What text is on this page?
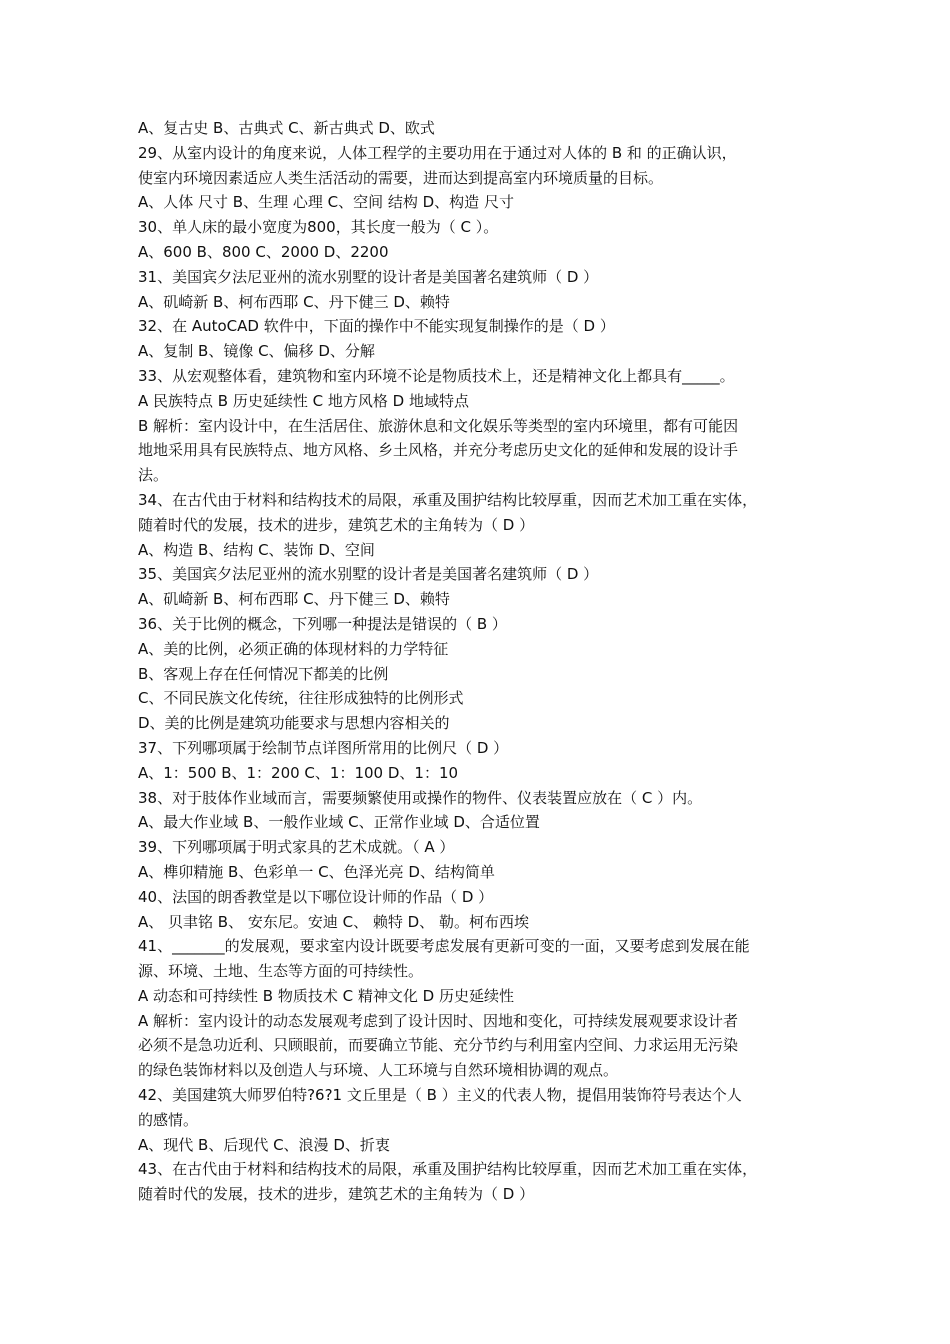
A、复古史 B、古典式 C、新古典式 D、欧式
29、从室内设计的角度来说，人体工程学的主要功用在于通过对人体的 B 和 的正确认识，
使室内环境因素适应人类生活活动的需要，进而达到提高室内环境质量的目标。
A、人体 尺寸 B、生理 心理 C、空间 结构 D、构造 尺寸
30、单人床的最小宽度为800，其长度一般为（ C ）。
A、600 B、800 C、2000 D、2200
31、美国宾夕法尼亚州的流水别墅的设计者是美国著名建筑师（ D ）
A、矶崎新 B、柯布西耶 C、丹下健三 D、赖特
32、在 AutoCAD 软件中，下面的操作中不能实现复制操作的是（ D ）
A、复制 B、镜像 C、偏移 D、分解
33、从宏观整体看，建筑物和室内环境不论是物质技术上，还是精神文化上都具有_____。
A 民族特点 B 历史延续性 C 地方风格 D 地域特点
B 解析：室内设计中，在生活居住、旅游休息和文化娱乐等类型的室内环境里，都有可能因
地地采用具有民族特点、地方风格、乡土风格，并充分考虑历史文化的延伸和发展的设计手
法。
34、在古代由于材料和结构技术的局限，承重及围护结构比较厚重，因而艺术加工重在实体，
随着时代的发展，技术的进步，建筑艺术的主角转为（ D ）
A、构造 B、结构 C、装饰 D、空间
35、美国宾夕法尼亚州的流水别墅的设计者是美国著名建筑师（ D ）
A、矶崎新 B、柯布西耶 C、丹下健三 D、赖特
36、关于比例的概念，下列哪一种提法是错误的（ B ）
A、美的比例，必须正确的体现材料的力学特征
B、客观上存在任何情况下都美的比例
C、不同民族文化传统，往往形成独特的比例形式
D、美的比例是建筑功能要求与思想内容相关的
37、下列哪项属于绘制节点详图所常用的比例尺（ D ）
A、1：500 B、1：200 C、1：100 D、1：10
38、对于肢体作业域而言，需要频繁使用或操作的物件、仪表装置应放在（ C ）内。
A、最大作业域 B、一般作业域 C、正常作业域 D、合适位置
39、下列哪项属于明式家具的艺术成就。（ A ）
A、榫卯精施 B、色彩单一 C、色泽光亮 D、结构简单
40、法国的朗香教堂是以下哪位设计师的作品（ D ）
A、 贝聿铭 B、 安东尼。安迪 C、 赖特 D、 勒。柯布西埃
41、_______的发展观，要求室内设计既要考虑发展有更新可变的一面，又要考虑到发展在能
源、环境、土地、生态等方面的可持续性。
A 动态和可持续性 B 物质技术 C 精神文化 D 历史延续性
A 解析：室内设计的动态发展观考虑到了设计因时、因地和变化，可持续发展观要求设计者
必须不是急功近利、只顾眼前，而要确立节能、充分节约与利用室内空间、力求运用无污染
的绿色装饰材料以及创造人与环境、人工环境与自然环境相协调的观点。
42、美国建筑大师罗伯特?6?1 文丘里是（ B ）主义的代表人物，提倡用装饰符号表达个人
的感情。
A、现代 B、后现代 C、浪漫 D、折衷
43、在古代由于材料和结构技术的局限，承重及围护结构比较厚重，因而艺术加工重在实体，
随着时代的发展，技术的进步，建筑艺术的主角转为（ D ）
